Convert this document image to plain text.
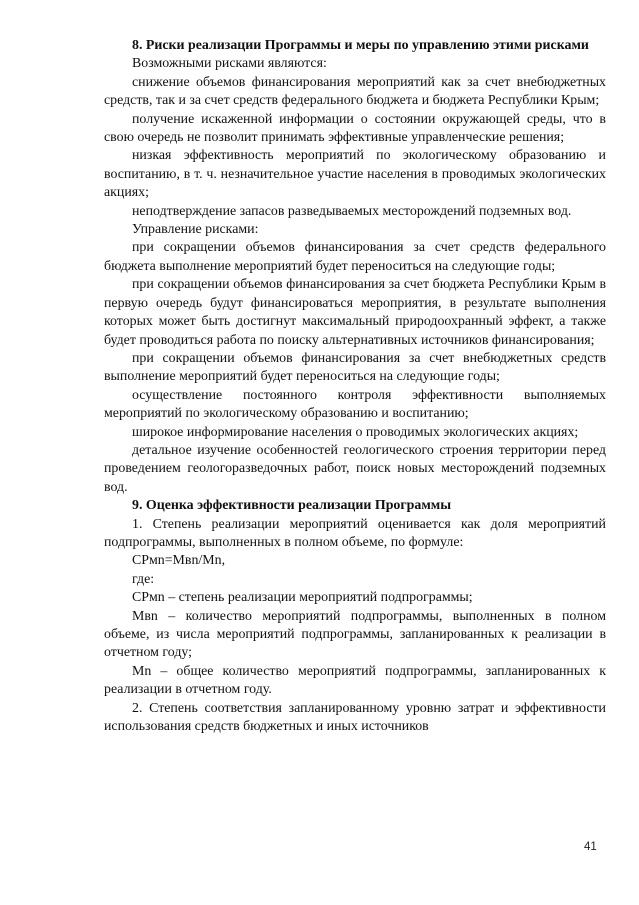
8. Риски реализации Программы и меры по управлению этими рисками

Возможными рисками являются:

снижение объемов финансирования мероприятий как за счет внебюджетных средств, так и за счет средств федерального бюджета и бюджета Республики Крым;

получение искаженной информации о состоянии окружающей среды, что в свою очередь не позволит принимать эффективные управленческие решения;

низкая эффективность мероприятий по экологическому образованию и воспитанию, в т. ч. незначительное участие населения в проводимых экологических акциях;

неподтверждение запасов разведываемых месторождений подземных вод.

Управление рисками:

при сокращении объемов финансирования за счет средств федерального бюджета выполнение мероприятий будет переноситься на следующие годы;

при сокращении объемов финансирования за счет бюджета Республики Крым в первую очередь будут финансироваться мероприятия, в результате выполнения которых может быть достигнут максимальный природоохранный эффект, а также будет проводиться работа по поиску альтернативных источников финансирования;

при сокращении объемов финансирования за счет внебюджетных средств выполнение мероприятий будет переноситься на следующие годы;

осуществление постоянного контроля эффективности выполняемых мероприятий по экологическому образованию и воспитанию;

широкое информирование населения о проводимых экологических акциях;

детальное изучение особенностей геологического строения территории перед проведением геологоразведочных работ, поиск новых месторождений подземных вод.

9. Оценка эффективности реализации Программы

1. Степень реализации мероприятий оценивается как доля мероприятий подпрограммы, выполненных в полном объеме, по формуле:

СРмn=Мвn/Мn,

где:

СРмn – степень реализации мероприятий подпрограммы;

Мвn – количество мероприятий подпрограммы, выполненных в полном объеме, из числа мероприятий подпрограммы, запланированных к реализации в отчетном году;

Мn – общее количество мероприятий подпрограммы, запланированных к реализации в отчетном году.

2. Степень соответствия запланированному уровню затрат и эффективности использования средств бюджетных и иных источников

41
